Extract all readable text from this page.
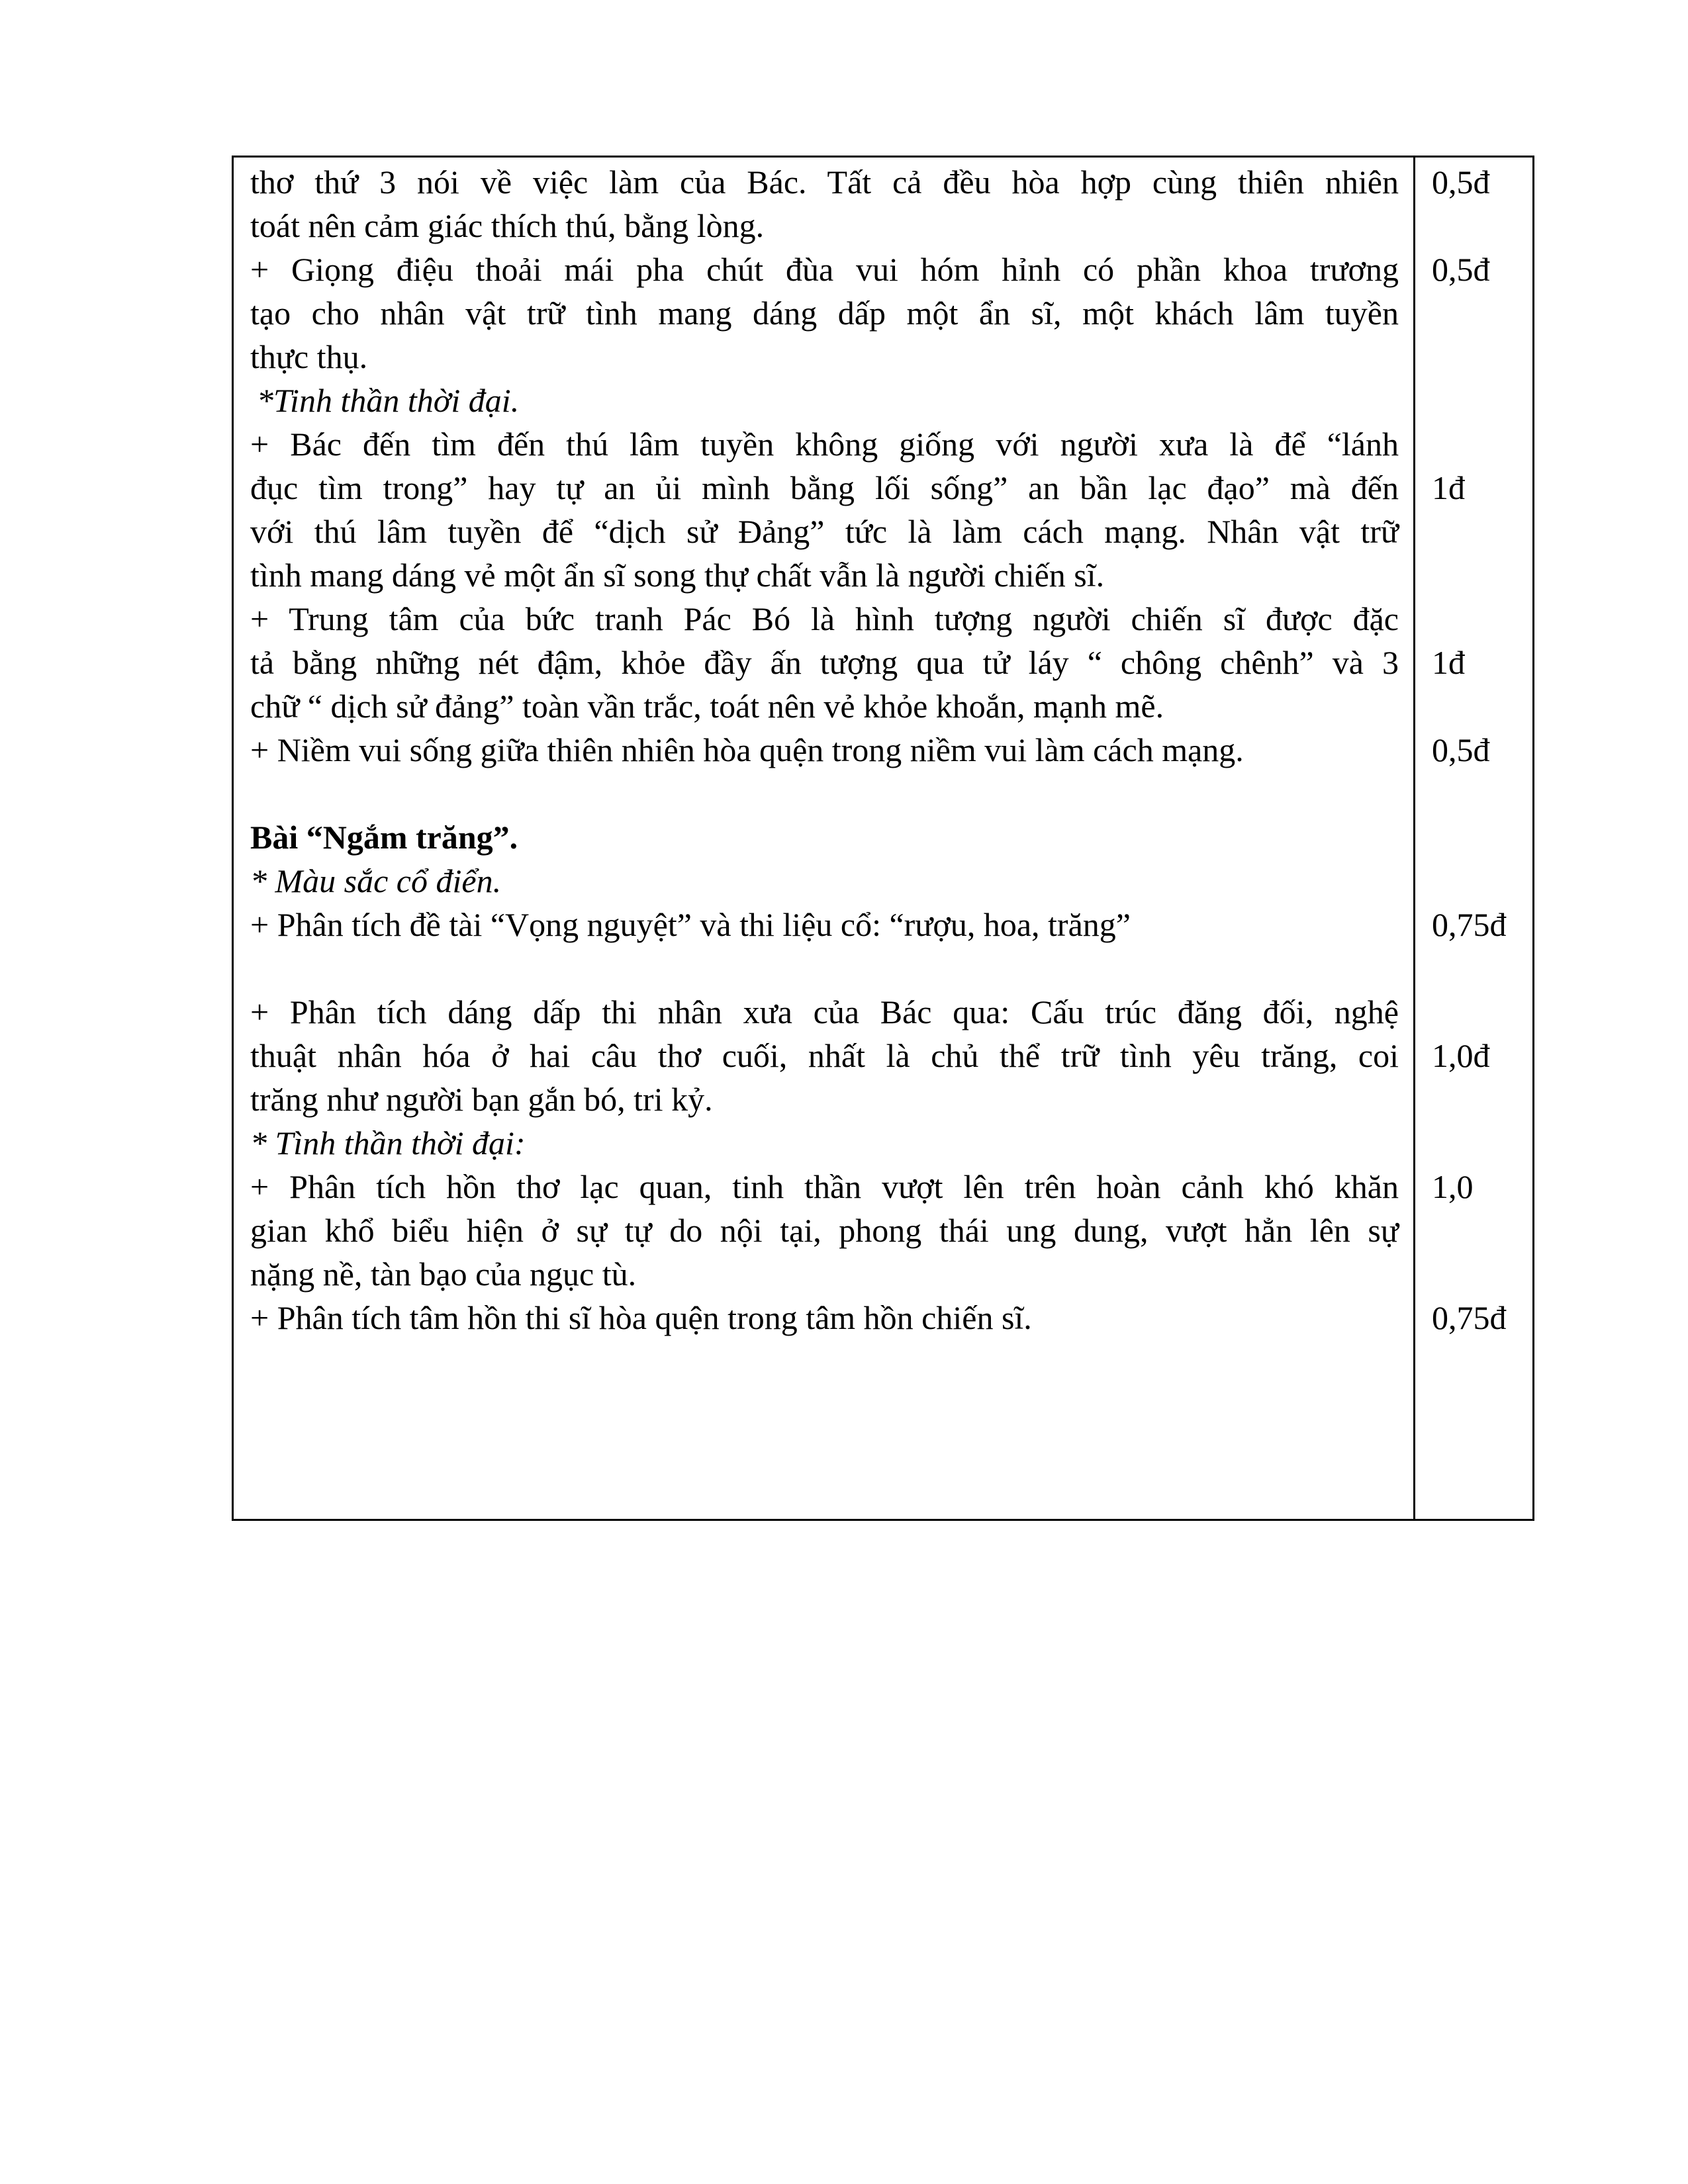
thơ thứ 3 nói về việc làm của Bác. Tất cả đều hòa hợp cùng thiên nhiên
toát nên cảm giác thích thú, bằng lòng.
+ Giọng điệu thoải mái pha chút đùa vui hóm hỉnh có phần khoa trương
tạo cho nhân vật trữ tình mang dáng dấp một ẩn sĩ, một khách lâm tuyền
thực thụ.
*Tinh thần thời đại.
+ Bác đến tìm đến thú lâm tuyền không giống với người xưa là để “lánh
đục tìm trong” hay tự an ủi mình bằng lối sống” an bần lạc đạo” mà đến
với thú lâm tuyền để “dịch sử Đảng” tức là làm cách mạng. Nhân vật trữ
tình mang dáng vẻ một ẩn sĩ song thự chất vẫn là người chiến sĩ.
+ Trung tâm của bức tranh Pác Bó là hình tượng người chiến sĩ được đặc
tả bằng những nét đậm, khỏe đầy ấn tượng qua tử láy “ chông chênh” và 3
chữ “ dịch sử đảng” toàn vần trắc, toát nên vẻ khỏe khoắn, mạnh mẽ.
+ Niềm vui sống giữa thiên nhiên hòa quện trong niềm vui làm cách mạng.
Bài “Ngắm trăng”.
* Màu sắc cổ điển.
+ Phân tích đề tài “Vọng nguyệt” và thi liệu cổ: “rượu, hoa, trăng”
+ Phân tích dáng dấp thi nhân xưa của Bác qua: Cấu trúc đăng đối, nghệ
thuật nhân hóa ở hai câu thơ cuối, nhất là chủ thể trữ tình yêu trăng, coi
trăng như người bạn gắn bó, tri kỷ.
* Tình thần thời đại:
+ Phân tích hồn thơ lạc quan, tinh thần vượt lên trên hoàn cảnh khó khăn
gian khổ biểu hiện ở sự tự do nội tại, phong thái ung dung, vượt hẳn lên sự
nặng nề, tàn bạo của ngục tù.
+ Phân tích tâm hồn thi sĩ hòa quện trong tâm hồn chiến sĩ.
0,5đ
0,5đ
1đ
1đ
0,5đ
0,75đ
1,0đ
1,0
0,75đ
